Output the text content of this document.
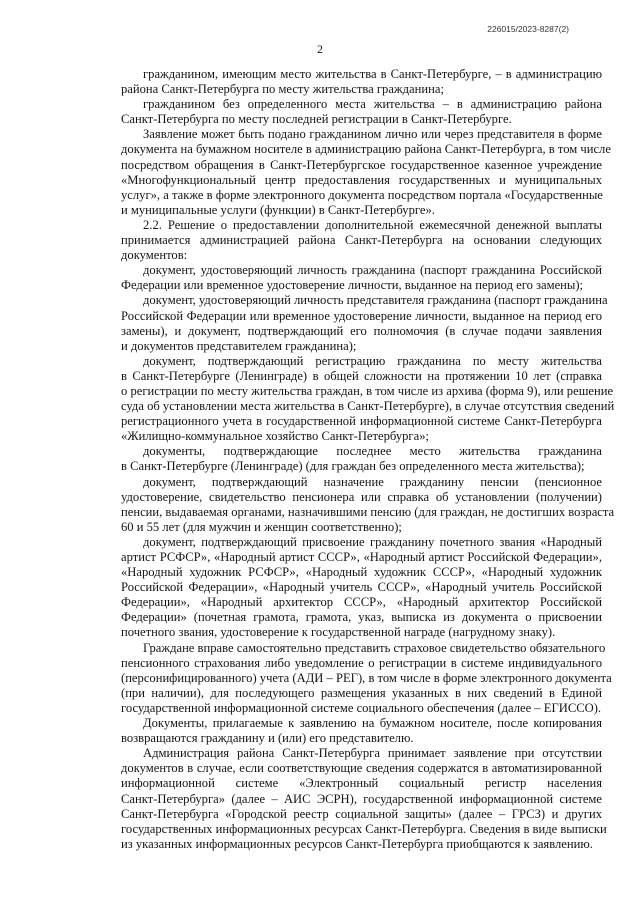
226015/2023-8287(2)
2
гражданином, имеющим место жительства в Санкт-Петербурге, – в администрацию
района Санкт-Петербурга по месту жительства гражданина;
гражданином без определенного места жительства – в администрацию района
Санкт-Петербурга по месту последней регистрации в Санкт-Петербурге.
Заявление может быть подано гражданином лично или через представителя в форме
документа на бумажном носителе в администрацию района Санкт-Петербурга, в том числе
посредством обращения в Санкт-Петербургское государственное казенное учреждение
«Многофункциональный центр предоставления государственных и муниципальных
услуг», а также в форме электронного документа посредством портала «Государственные
и муниципальные услуги (функции) в Санкт-Петербурге».
2.2. Решение о предоставлении дополнительной ежемесячной денежной выплаты
принимается администрацией района Санкт-Петербурга на основании следующих
документов:
документ, удостоверяющий личность гражданина (паспорт гражданина Российской
Федерации или временное удостоверение личности, выданное на период его замены);
документ, удостоверяющий личность представителя гражданина (паспорт гражданина
Российской Федерации или временное удостоверение личности, выданное на период его
замены), и документ, подтверждающий его полномочия (в случае подачи заявления
и документов представителем гражданина);
документ, подтверждающий регистрацию гражданина по месту жительства
в Санкт-Петербурге (Ленинграде) в общей сложности на протяжении 10 лет (справка
о регистрации по месту жительства граждан, в том числе из архива (форма 9), или решение
суда об установлении места жительства в Санкт-Петербурге), в случае отсутствия сведений
регистрационного учета в государственной информационной системе Санкт-Петербурга
«Жилищно-коммунальное хозяйство Санкт-Петербурга»;
документы, подтверждающие последнее место жительства гражданина
в Санкт-Петербурге (Ленинграде) (для граждан без определенного места жительства);
документ, подтверждающий назначение гражданину пенсии (пенсионное
удостоверение, свидетельство пенсионера или справка об установлении (получении)
пенсии, выдаваемая органами, назначившими пенсию (для граждан, не достигших возраста
60 и 55 лет (для мужчин и женщин соответственно);
документ, подтверждающий присвоение гражданину почетного звания «Народный
артист РСФСР», «Народный артист СССР», «Народный артист Российской Федерации»,
«Народный художник РСФСР», «Народный художник СССР», «Народный художник
Российской Федерации», «Народный учитель СССР», «Народный учитель Российской
Федерации», «Народный архитектор СССР», «Народный архитектор Российской
Федерации» (почетная грамота, грамота, указ, выписка из документа о присвоении
почетного звания, удостоверение к государственной награде (нагрудному знаку).
Граждане вправе самостоятельно представить страховое свидетельство обязательного
пенсионного страхования либо уведомление о регистрации в системе индивидуального
(персонифицированного) учета (АДИ – РЕГ), в том числе в форме электронного документа
(при наличии), для последующего размещения указанных в них сведений в Единой
государственной информационной системе социального обеспечения (далее – ЕГИССО).
Документы, прилагаемые к заявлению на бумажном носителе, после копирования
возвращаются гражданину и (или) его представителю.
Администрация района Санкт-Петербурга принимает заявление при отсутствии
документов в случае, если соответствующие сведения содержатся в автоматизированной
информационной системе «Электронный социальный регистр населения
Санкт-Петербурга» (далее – АИС ЭСРН), государственной информационной системе
Санкт-Петербурга «Городской реестр социальной защиты» (далее – ГРСЗ) и других
государственных информационных ресурсах Санкт-Петербурга. Сведения в виде выписки
из указанных информационных ресурсов Санкт-Петербурга приобщаются к заявлению.
